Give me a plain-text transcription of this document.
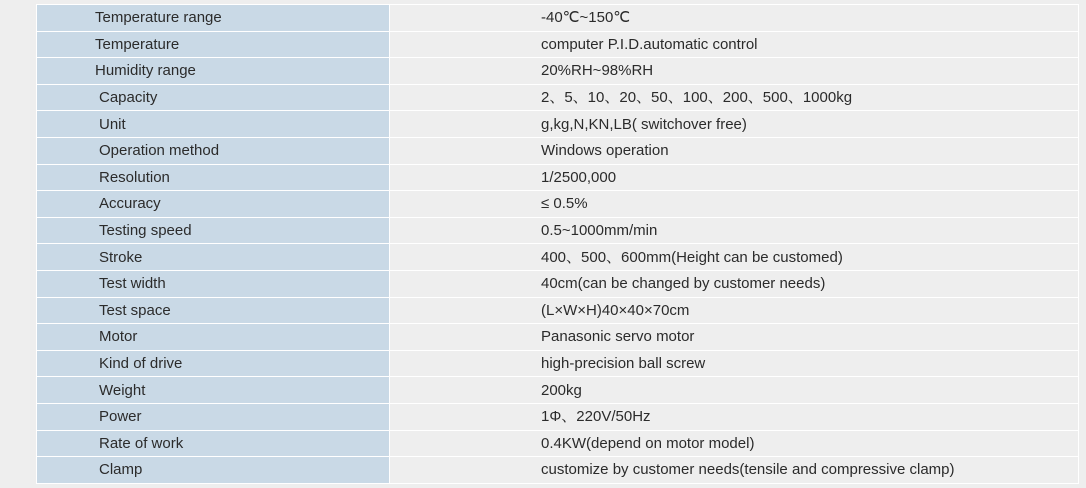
Temperature range	-40℃~150℃
Temperature	computer P.I.D.automatic control
Humidity range	20%RH~98%RH
Capacity	2、5、10、20、50、100、200、500、1000kg
Unit	g,kg,N,KN,LB( switchover free)
Operation method	Windows operation
Resolution	1/2500,000
Accuracy	≤ 0.5%
Testing speed	0.5~1000mm/min
Stroke	400、500、600mm(Height can be customed)
Test width	40cm(can be changed by customer needs)
Test space	(L×W×H)40×40×70cm
Motor	Panasonic servo motor
Kind of drive	high-precision ball screw
Weight	200kg
Power	1Φ、220V/50Hz
Rate of work	0.4KW(depend on motor model)
Clamp	customize by customer needs(tensile and compressive clamp)
